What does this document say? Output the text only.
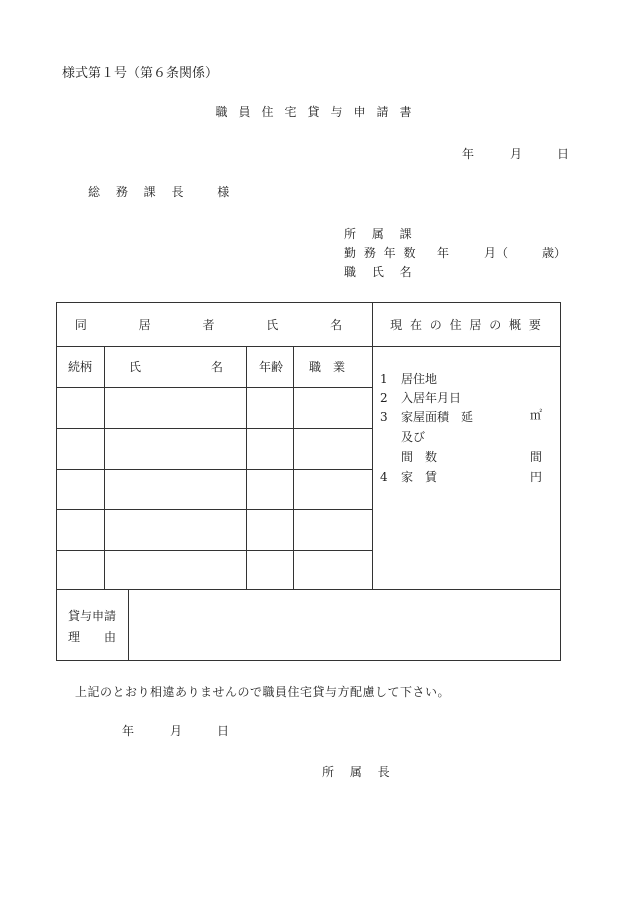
様式第１号（第６条関係）
職員住宅貸与申請書
年	月	日
総 務 課 長　 様
所 属 課
勤 務 年 数 年	月（	歳）
職 氏 名
同 居 者 氏 名	現 在 の 住 居 の 概 要
続柄	氏	名	年齢 職　業
1 居住地
2 入居年月日
3 家屋面積　延	㎡
及び
間　数	間
4 家　賃	円
貸与申請
理　　由
上記のとおり相違ありませんので職員住宅貸与方配慮して下さい。
年	月	日
所 属 長
